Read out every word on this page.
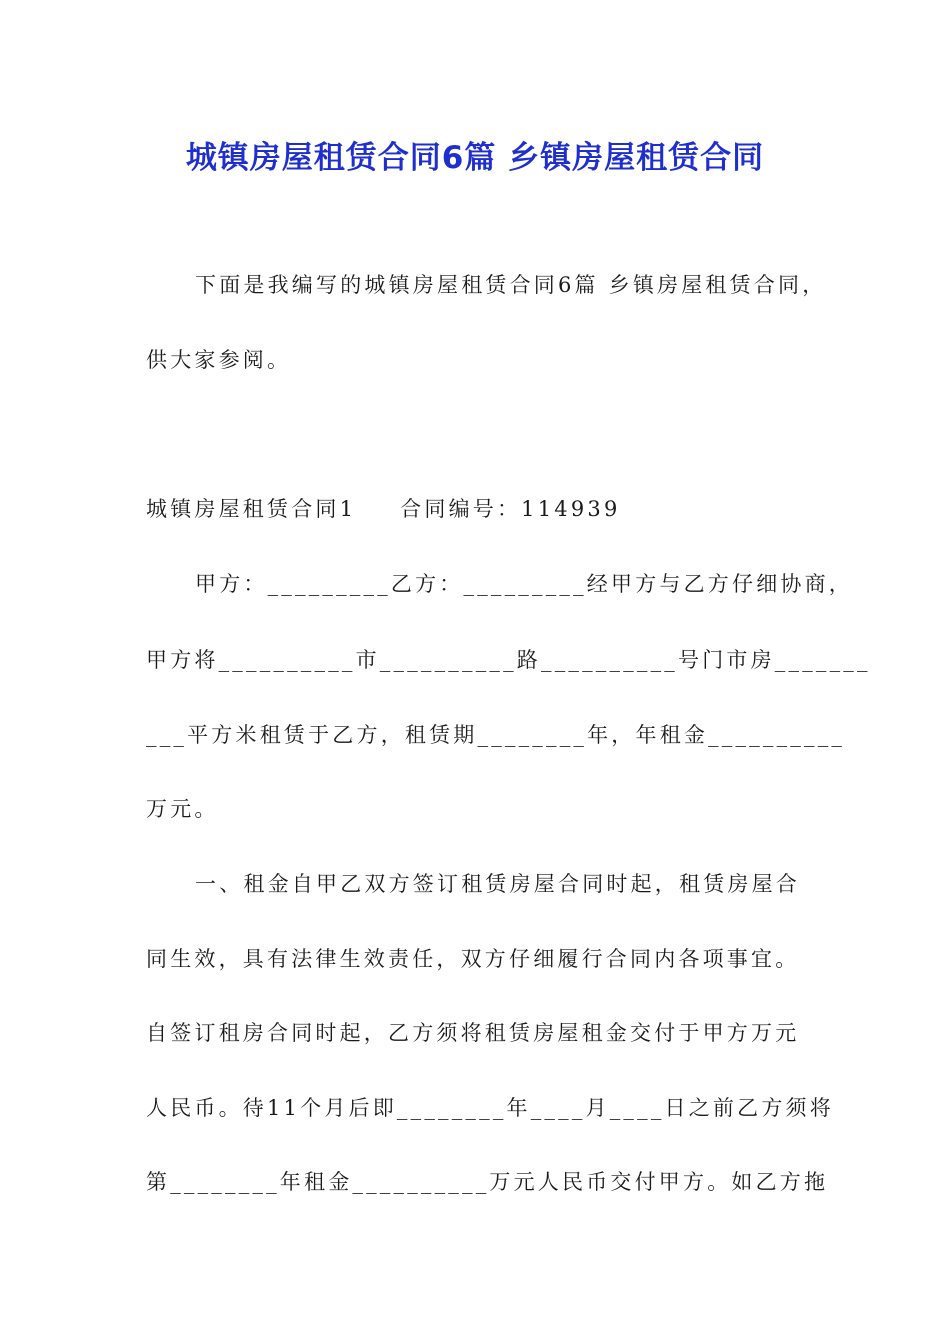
城镇房屋租赁合同6篇 乡镇房屋租赁合同
下面是我编写的城镇房屋租赁合同6篇 乡镇房屋租赁合同，
供大家参阅。
城镇房屋租赁合同1 合同编号：114939
甲方：_________乙方：_________经甲方与乙方仔细协商，
甲方将__________市__________路__________号门市房_______
___平方米租赁于乙方，租赁期________年，年租金__________
万元。
一、租金自甲乙双方签订租赁房屋合同时起，租赁房屋合
同生效，具有法律生效责任，双方仔细履行合同内各项事宜。
自签订租房合同时起，乙方须将租赁房屋租金交付于甲方万元
人民币。待11个月后即________年____月____日之前乙方须将
第________年租金__________万元人民币交付甲方。如乙方拖
